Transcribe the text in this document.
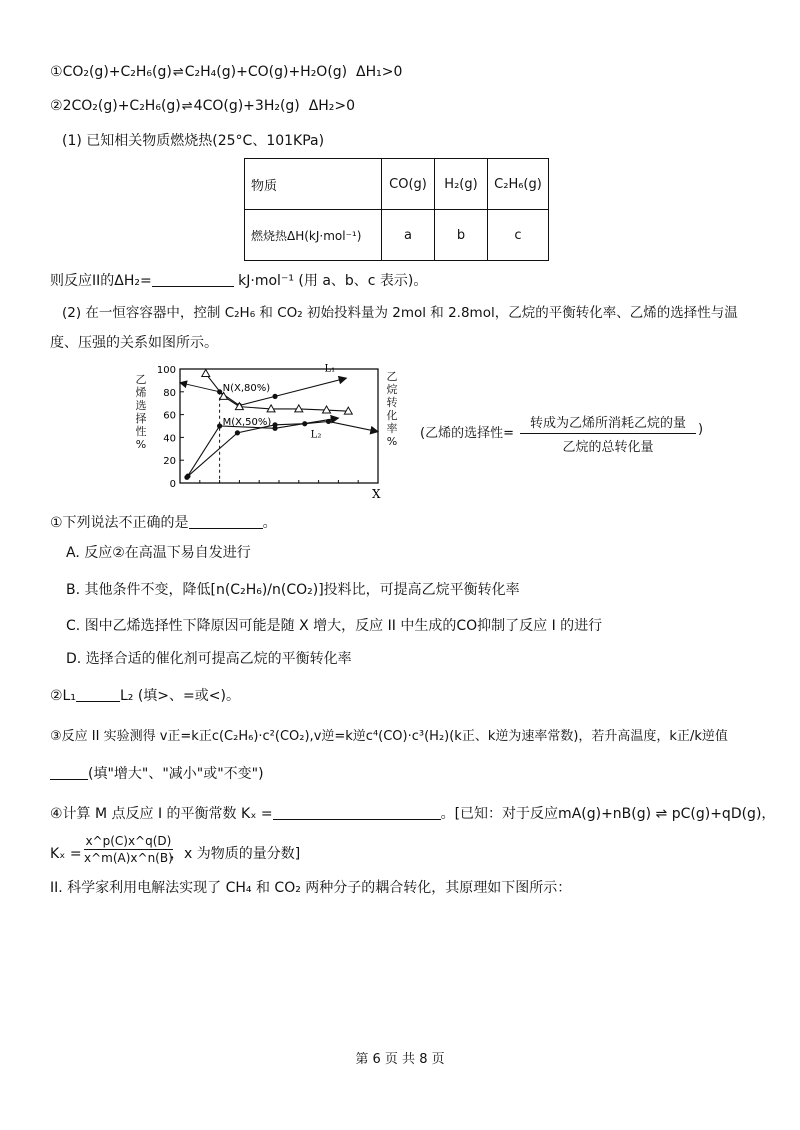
①CO₂(g)+C₂H₆(g)⇌C₂H₄(g)+CO(g)+H₂O(g) ΔH₁>0
②2CO₂(g)+C₂H₆(g)⇌4CO(g)+3H₂(g) ΔH₂>0
(1) 已知相关物质燃烧热(25°C、101KPa)
物质	CO(g)	H₂(g)	C₂H₆(g)
燃烧热ΔH(kJ·mol⁻¹)	a	b	c
则反应II的ΔH₂=	kJ·mol⁻¹ (用 a、b、c 表示)。
(2) 在一恒容容器中，控制 C₂H₆ 和 CO₂ 初始投料量为 2mol 和 2.8mol，乙烷的平衡转化率、乙烯的选择性与温
度、压强的关系如图所示。
乙
烯
选
择
性
%
乙
烷
转
化
率
%
0
20
40
60
80
100
X
N(X,80%)
M(X,50%)
L₁
L₂	(乙烯的选择性=
转成为乙烯所消耗乙烷的量
乙烷的总转化量
)
①下列说法不正确的是	。
A. 反应②在高温下易自发进行
B. 其他条件不变，降低[n(C₂H₆)/n(CO₂)]投料比，可提高乙烷平衡转化率
C. 图中乙烯选择性下降原因可能是随 X 增大，反应 II 中生成的CO抑制了反应 I 的进行
D. 选择合适的催化剂可提高乙烷的平衡转化率
②L₁	L₂ (填>、=或<)。
③反应 II 实验测得 v正=k正c(C₂H₆)·c²(CO₂),v逆=k逆c⁴(CO)·c³(H₂)(k正、k逆为速率常数)，若升高温度，k正/k逆值
(填"增大"、"减小"或"不变")
④计算 M 点反应 I 的平衡常数 Kₓ =	。[已知：对于反应mA(g)+nB(g) ⇌ pC(g)+qD(g)，
Kₓ =
x^p(C)x^q(D)
x^m(A)x^n(B)
，x 为物质的量分数]
II. 科学家利用电解法实现了 CH₄ 和 CO₂ 两种分子的耦合转化，其原理如下图所示：
第 6 页 共 8 页
